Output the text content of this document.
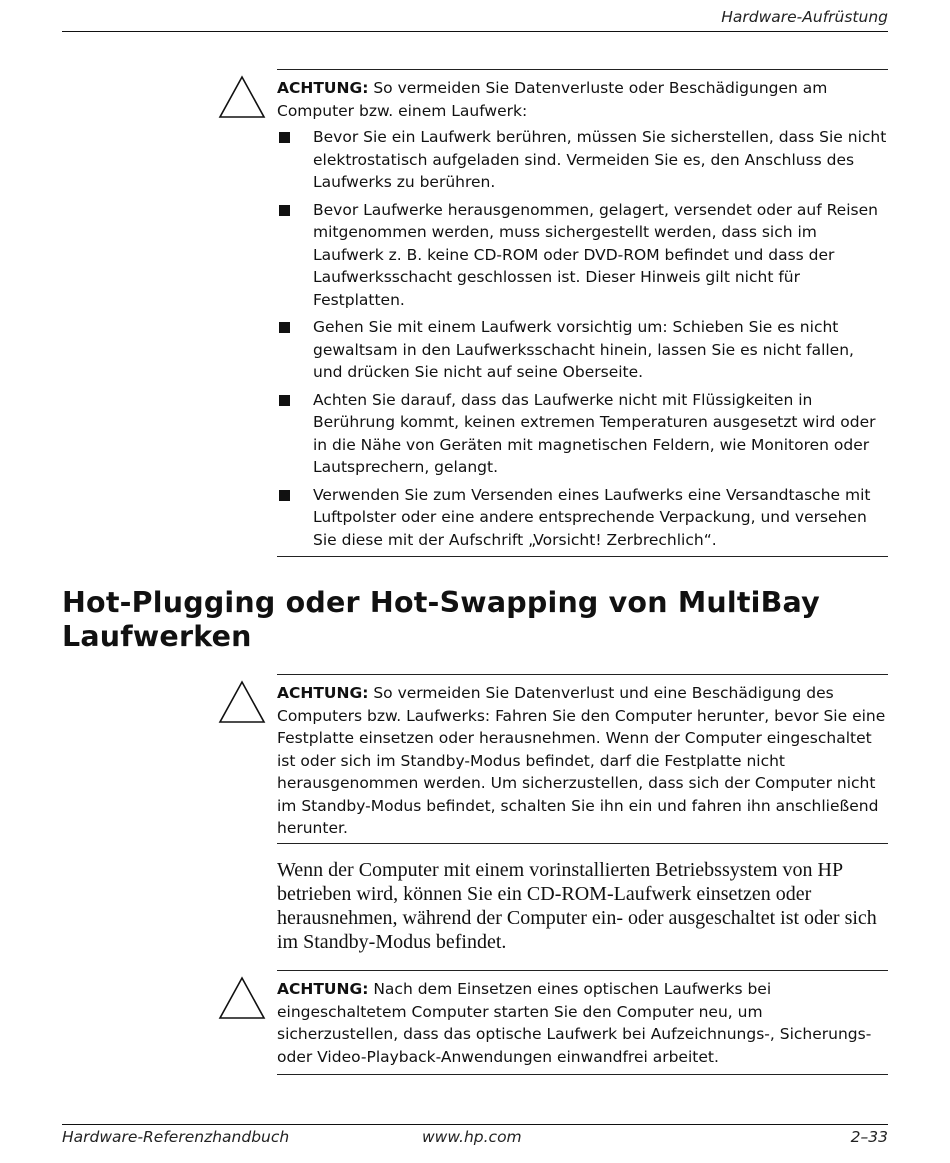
Hardware-Aufrüstung
ACHTUNG: So vermeiden Sie Datenverluste oder Beschädigungen am Computer bzw. einem Laufwerk:
Bevor Sie ein Laufwerk berühren, müssen Sie sicherstellen, dass Sie nicht elektrostatisch aufgeladen sind. Vermeiden Sie es, den Anschluss des Laufwerks zu berühren.
Bevor Laufwerke herausgenommen, gelagert, versendet oder auf Reisen mitgenommen werden, muss sichergestellt werden, dass sich im Laufwerk z. B. keine CD-ROM oder DVD-ROM befindet und dass der Laufwerksschacht geschlossen ist. Dieser Hinweis gilt nicht für Festplatten.
Gehen Sie mit einem Laufwerk vorsichtig um: Schieben Sie es nicht gewaltsam in den Laufwerksschacht hinein, lassen Sie es nicht fallen, und drücken Sie nicht auf seine Oberseite.
Achten Sie darauf, dass das Laufwerke nicht mit Flüssigkeiten in Berührung kommt, keinen extremen Temperaturen ausgesetzt wird oder in die Nähe von Geräten mit magnetischen Feldern, wie Monitoren oder Lautsprechern, gelangt.
Verwenden Sie zum Versenden eines Laufwerks eine Versandtasche mit Luftpolster oder eine andere entsprechende Verpackung, und versehen Sie diese mit der Aufschrift „Vorsicht! Zerbrechlich“.
Hot-Plugging oder Hot-Swapping von MultiBay Laufwerken
ACHTUNG: So vermeiden Sie Datenverlust und eine Beschädigung des Computers bzw. Laufwerks: Fahren Sie den Computer herunter, bevor Sie eine Festplatte einsetzen oder herausnehmen. Wenn der Computer eingeschaltet ist oder sich im Standby-Modus befindet, darf die Festplatte nicht herausgenommen werden. Um sicherzustellen, dass sich der Computer nicht im Standby-Modus befindet, schalten Sie ihn ein und fahren ihn anschließend herunter.
Wenn der Computer mit einem vorinstallierten Betriebssystem von HP betrieben wird, können Sie ein CD-ROM-Laufwerk einsetzen oder herausnehmen, während der Computer ein- oder ausgeschaltet ist oder sich im Standby-Modus befindet.
ACHTUNG: Nach dem Einsetzen eines optischen Laufwerks bei eingeschaltetem Computer starten Sie den Computer neu, um sicherzustellen, dass das optische Laufwerk bei Aufzeichnungs-, Sicherungs- oder Video-Playback-Anwendungen einwandfrei arbeitet.
Hardware-Referenzhandbuch	www.hp.com	2–33
